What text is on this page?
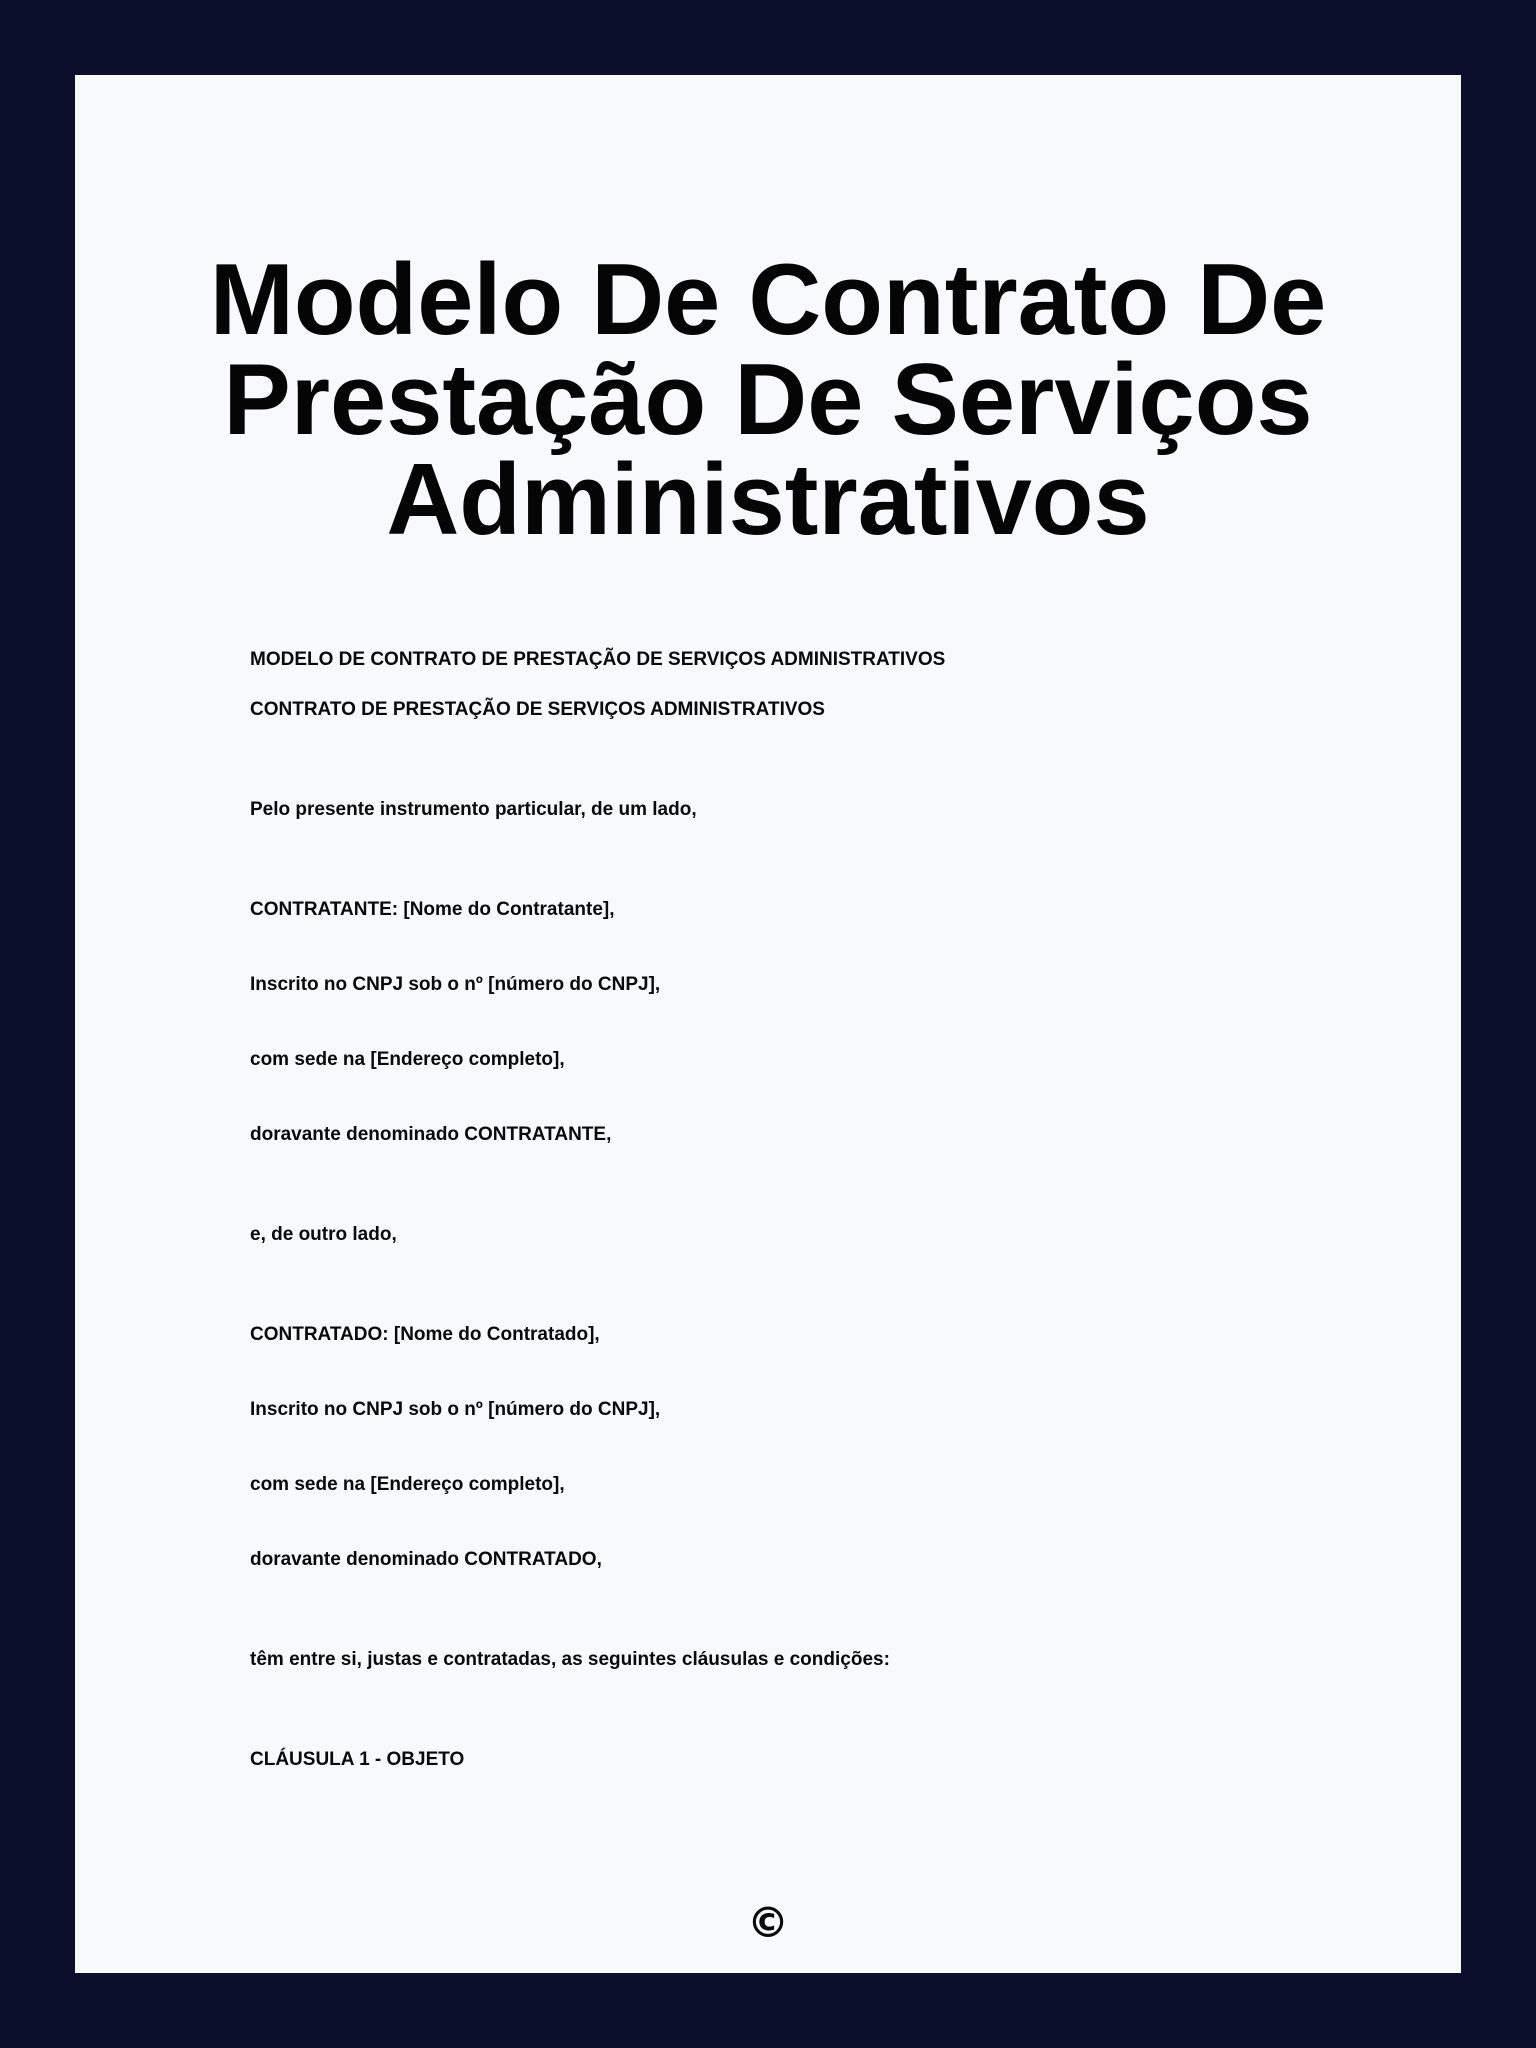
Modelo De Contrato De Prestação De Serviços Administrativos

MODELO DE CONTRATO DE PRESTAÇÃO DE SERVIÇOS ADMINISTRATIVOS

CONTRATO DE PRESTAÇÃO DE SERVIÇOS ADMINISTRATIVOS

Pelo presente instrumento particular, de um lado,

CONTRATANTE: [Nome do Contratante],

Inscrito no CNPJ sob o nº [número do CNPJ],

com sede na [Endereço completo],

doravante denominado CONTRATANTE,

e, de outro lado,

CONTRATADO: [Nome do Contratado],

Inscrito no CNPJ sob o nº [número do CNPJ],

com sede na [Endereço completo],

doravante denominado CONTRATADO,

têm entre si, justas e contratadas, as seguintes cláusulas e condições:

CLÁUSULA 1 - OBJETO

©
